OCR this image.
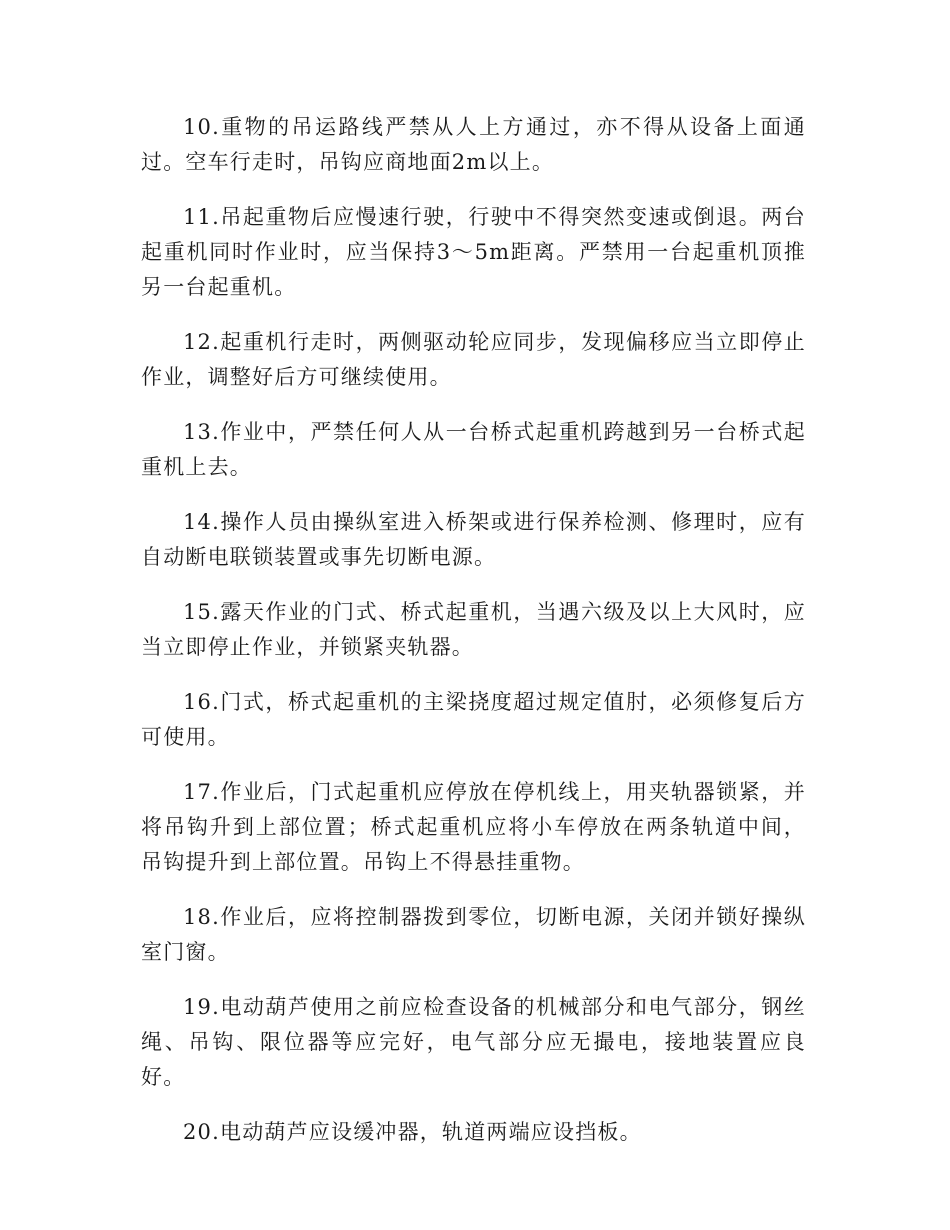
10.重物的吊运路线严禁从人上方通过，亦不得从设备上面通过。空车行走时，吊钩应商地面2m以上。

11.吊起重物后应慢速行驶，行驶中不得突然变速或倒退。两台起重机同时作业时，应当保持3～5m距离。严禁用一台起重机顶推另一台起重机。

12.起重机行走时，两侧驱动轮应同步，发现偏移应当立即停止作业，调整好后方可继续使用。

13.作业中，严禁任何人从一台桥式起重机跨越到另一台桥式起重机上去。

14.操作人员由操纵室进入桥架或进行保养检测、修理时，应有自动断电联锁装置或事先切断电源。

15.露天作业的门式、桥式起重机，当遇六级及以上大风时，应当立即停止作业，并锁紧夹轨器。

16.门式，桥式起重机的主梁挠度超过规定值肘，必须修复后方可使用。

17.作业后，门式起重机应停放在停机线上，用夹轨器锁紧，并将吊钩升到上部位置；桥式起重机应将小车停放在两条轨道中间，吊钩提升到上部位置。吊钩上不得悬挂重物。

18.作业后，应将控制器拨到零位，切断电源，关闭并锁好操纵室门窗。

19.电动葫芦使用之前应检查设备的机械部分和电气部分，钢丝绳、吊钩、限位器等应完好，电气部分应无撮电，接地装置应良好。

20.电动葫芦应设缓冲器，轨道两端应设挡板。
